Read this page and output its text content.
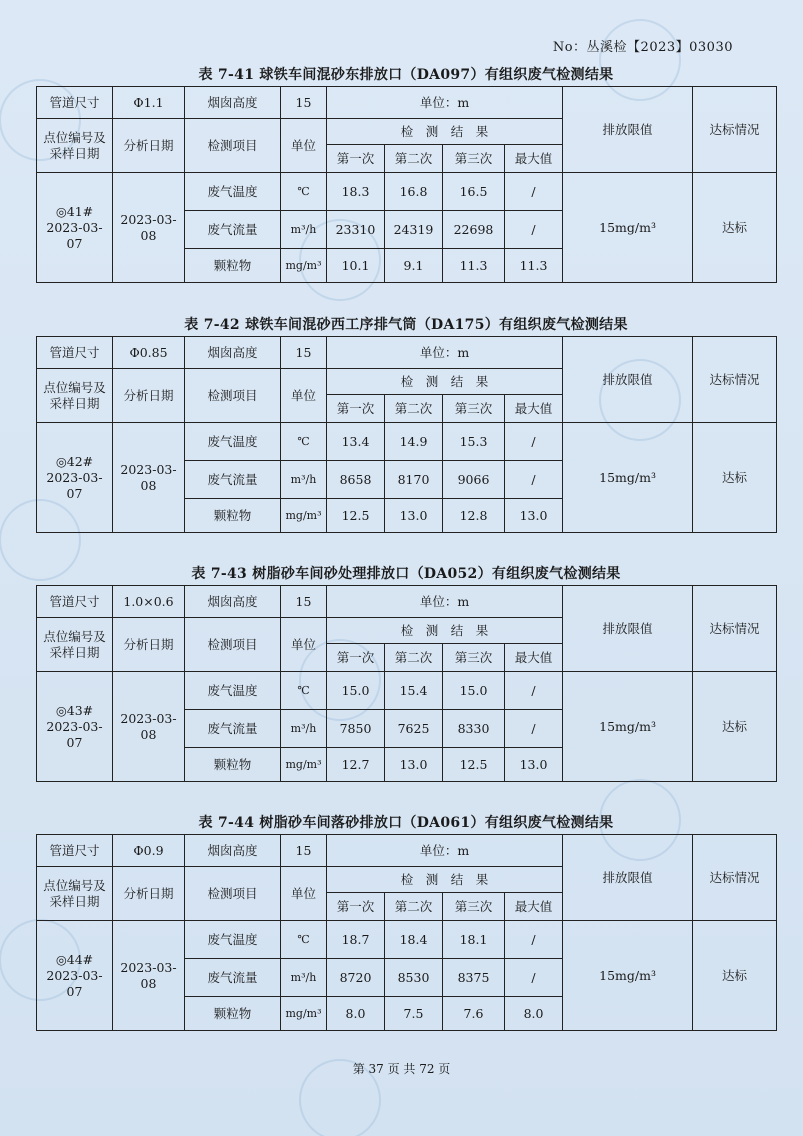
No：丛溪检【2023】03030
表 7-41 球铁车间混砂东排放口（DA097）有组织废气检测结果
管道尺寸	Φ1.1	烟囱高度	15	单位：m				排放限值	达标情况
点位编号及采样日期	分析日期	检测项目	单位	检　测　结　果					
				第一次	第二次	第三次	最大值		
◎41#
2023-03-07	2023-03-08	废气温度	℃	18.3	16.8	16.5	/	15mg/m³	达标
		废气流量	m³/h	23310	24319	22698	/		
		颗粒物	mg/m³	10.1	9.1	11.3	11.3		
表 7-42 球铁车间混砂西工序排气筒（DA175）有组织废气检测结果
管道尺寸	Φ0.85	烟囱高度	15	单位：m				排放限值	达标情况
点位编号及采样日期	分析日期	检测项目	单位	检　测　结　果					
				第一次	第二次	第三次	最大值		
◎42#
2023-03-07	2023-03-08	废气温度	℃	13.4	14.9	15.3	/	15mg/m³	达标
		废气流量	m³/h	8658	8170	9066	/		
		颗粒物	mg/m³	12.5	13.0	12.8	13.0		
表 7-43 树脂砂车间砂处理排放口（DA052）有组织废气检测结果
管道尺寸	1.0×0.6	烟囱高度	15	单位：m				排放限值	达标情况
点位编号及采样日期	分析日期	检测项目	单位	检　测　结　果					
				第一次	第二次	第三次	最大值		
◎43#
2023-03-07	2023-03-08	废气温度	℃	15.0	15.4	15.0	/	15mg/m³	达标
		废气流量	m³/h	7850	7625	8330	/		
		颗粒物	mg/m³	12.7	13.0	12.5	13.0		
表 7-44 树脂砂车间落砂排放口（DA061）有组织废气检测结果
管道尺寸	Φ0.9	烟囱高度	15	单位：m				排放限值	达标情况
点位编号及采样日期	分析日期	检测项目	单位	检　测　结　果					
				第一次	第二次	第三次	最大值		
◎44#
2023-03-07	2023-03-08	废气温度	℃	18.7	18.4	18.1	/	15mg/m³	达标
		废气流量	m³/h	8720	8530	8375	/		
		颗粒物	mg/m³	8.0	7.5	7.6	8.0		
第 37 页 共 72 页
